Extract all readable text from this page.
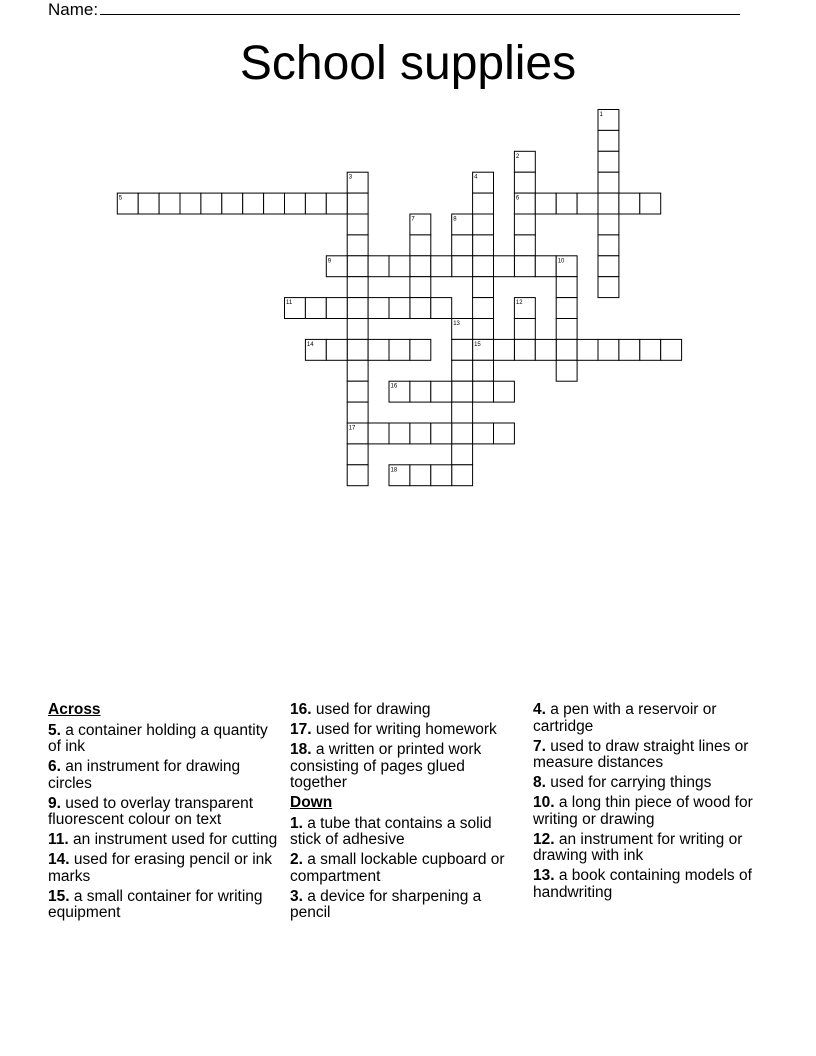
Name:
School supplies
1
2
3	4
5	6
7	8
9	10
11	12
13
14	15
16
17
18
Across
5. a container holding a quantity of ink
6. an instrument for drawing circles
9. used to overlay transparent fluorescent colour on text
11. an instrument used for cutting
14. used for erasing pencil or ink marks
15. a small container for writing equipment
16. used for drawing
17. used for writing homework
18. a written or printed work consisting of pages glued together
Down
1. a tube that contains a solid stick of adhesive
2. a small lockable cupboard or compartment
3. a device for sharpening a pencil
4. a pen with a reservoir or cartridge
7. used to draw straight lines or measure distances
8. used for carrying things
10. a long thin piece of wood for writing or drawing
12. an instrument for writing or drawing with ink
13. a book containing models of handwriting
